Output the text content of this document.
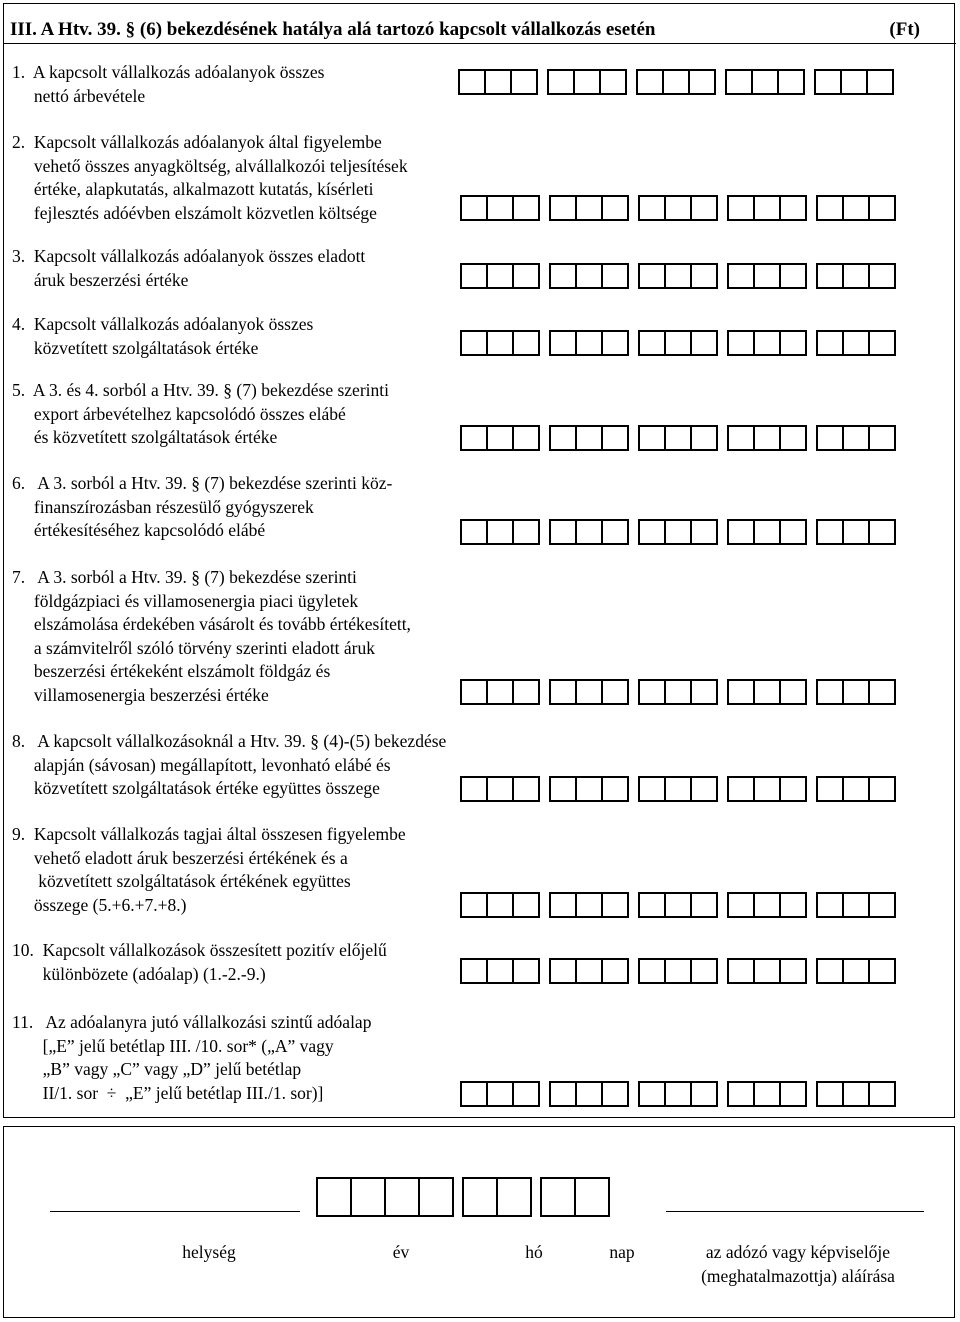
III. A Htv. 39. § (6) bekezdésének hatálya alá tartozó kapcsolt vállalkozás esetén	(Ft)
1.  A kapcsolt vállalkozás adóalanyok összes
nettó árbevétele
2.  Kapcsolt vállalkozás adóalanyok által figyelembe
vehető összes anyagköltség, alvállalkozói teljesítések
értéke, alapkutatás, alkalmazott kutatás, kísérleti
fejlesztés adóévben elszámolt közvetlen költsége
3.  Kapcsolt vállalkozás adóalanyok összes eladott
áruk beszerzési értéke
4.  Kapcsolt vállalkozás adóalanyok összes
közvetített szolgáltatások értéke
5.  A 3. és 4. sorból a Htv. 39. § (7) bekezdése szerinti
export árbevételhez kapcsolódó összes elábé
és közvetített szolgáltatások értéke
6.   A 3. sorból a Htv. 39. § (7) bekezdése szerinti köz-
finanszírozásban részesülő gyógyszerek
értékesítéséhez kapcsolódó elábé
7.   A 3. sorból a Htv. 39. § (7) bekezdése szerinti
földgázpiaci és villamosenergia piaci ügyletek
elszámolása érdekében vásárolt és tovább értékesített,
a számvitelről szóló törvény szerinti eladott áruk
beszerzési értékeként elszámolt földgáz és
villamosenergia beszerzési értéke
8.   A kapcsolt vállalkozásoknál a Htv. 39. § (4)-(5) bekezdése
alapján (sávosan) megállapított, levonható elábé és
közvetített szolgáltatások értéke együttes összege
9.  Kapcsolt vállalkozás tagjai által összesen figyelembe
vehető eladott áruk beszerzési értékének és a
közvetített szolgáltatások értékének együttes
összege (5.+6.+7.+8.)
10.  Kapcsolt vállalkozások összesített pozitív előjelű
különbözete (adóalap) (1.-2.-9.)
11.   Az adóalanyra jutó vállalkozási szintű adóalap
[„E” jelű betétlap III. /10. sor* („A” vagy
„B” vagy „C” vagy „D” jelű betétlap
II/1. sor  ÷  „E” jelű betétlap III./1. sor)]
helység	év	hó	nap	az adózó vagy képviselője
(meghatalmazottja) aláírása
